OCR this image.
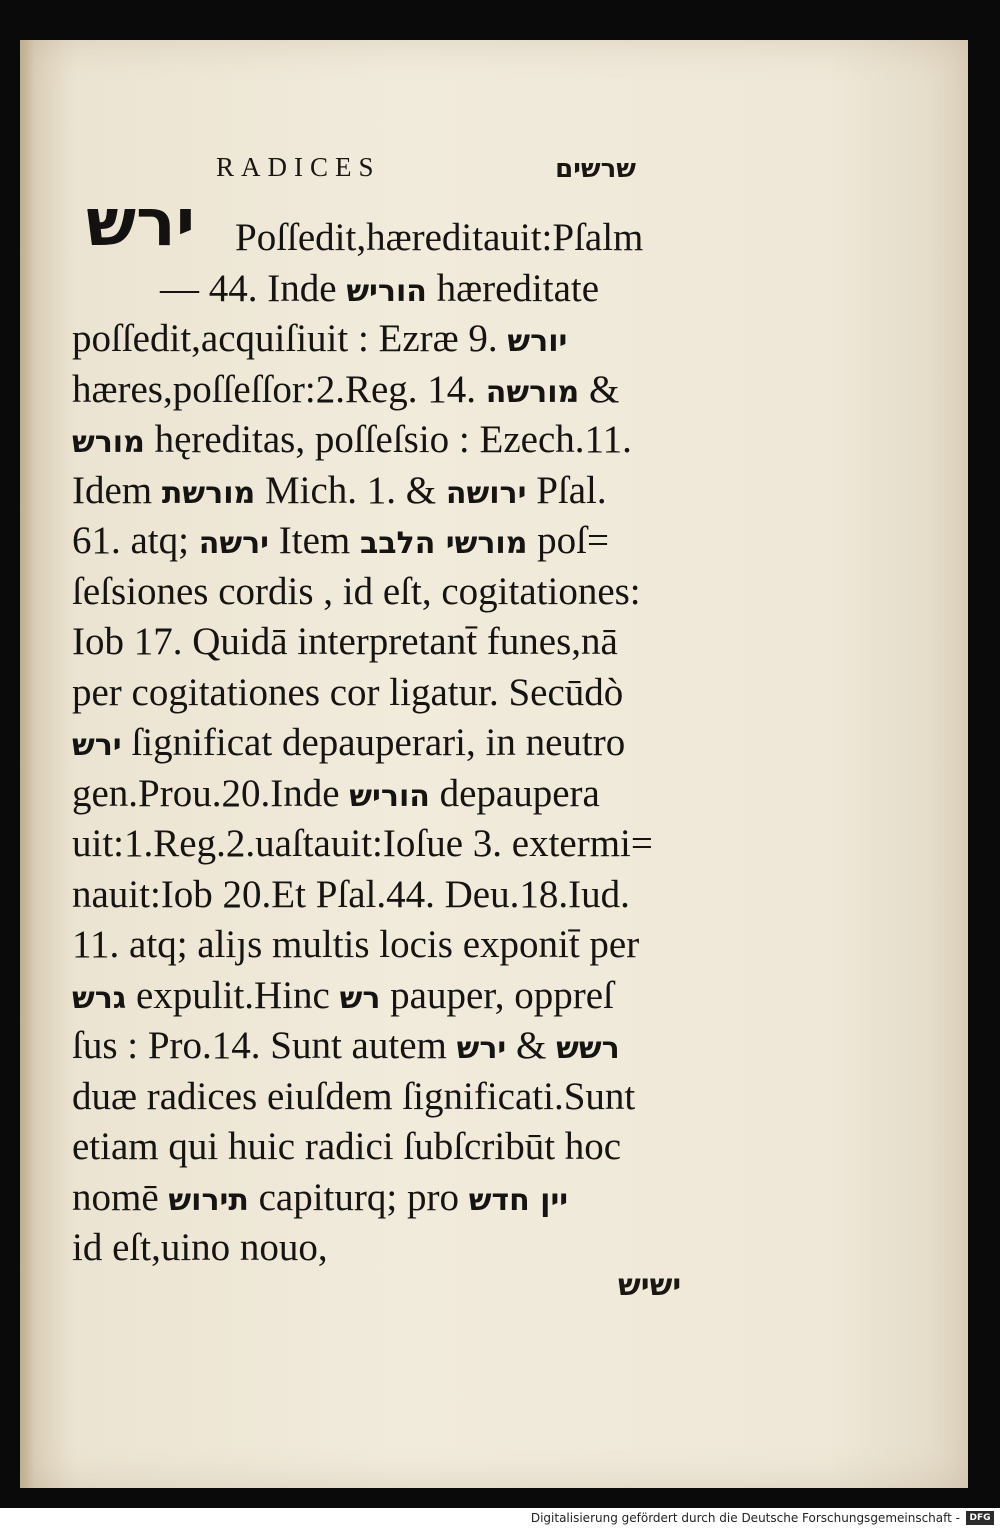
RADICES	שרשים
ירש Poſſedit,hæreditauit:Pſalm
— 44. Inde הוריש hæreditate
poſſedit,acquiſiuit : Ezræ 9. יורש
hæres,poſſeſſor:2.Reg. 14. מורשה &
מורש hęreditas, poſſeſsio : Ezech.11.
Idem מורשת Mich. 1. & ירושה Pſal.
61. atq; ירשה Item מורשי הלבב poſ=
ſeſsiones cordis , id eſt, cogitationes:
Iob 17. Quidā interpretant̄ funes,nā
per cogitationes cor ligatur. Secūdò
ירש ſignificat depauperari, in neutro
gen.Prou.20.Inde הוריש depaupera
uit:1.Reg.2.uaſtauit:Ioſue 3. extermi=
nauit:Iob 20.Et Pſal.44. Deu.18.Iud.
11. atq; aliȷs multis locis exponit̄ per
גרש expulit.Hinc רש pauper, oppreſ
ſus : Pro.14. Sunt autem ירש & רשש
duæ radices eiuſdem ſignificati.Sunt
etiam qui huic radici ſubſcribūt hoc
nomē תירוש capiturq; pro יין חדש
id eſt,uino nouo,
ישיש
Digitalisierung gefördert durch die Deutsche Forschungsgemeinschaft -	DFG
